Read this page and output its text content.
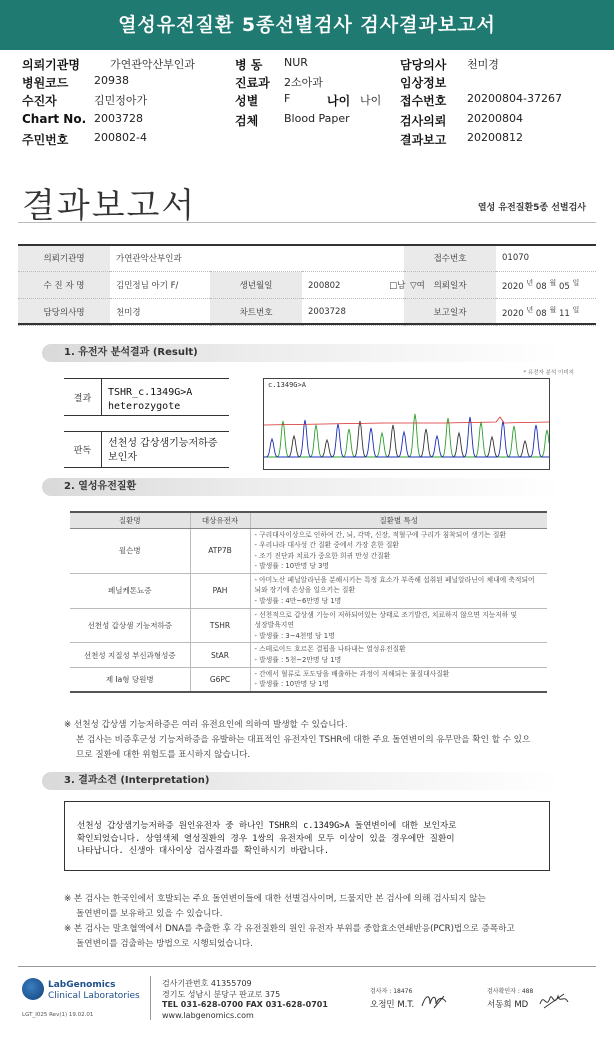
열성유전질환 5종선별검사 검사결과보고서
의뢰기관명	가연관악산부인과	병 동 NUR	담당의사 천미경
병원코드 20938	진료과 2소아과	임상정보
수진자	김민정아가	성별 F	나이 나이 접수번호 20200804-37267
Chart No. 2003728	검체 Blood Paper	검사의뢰 20200804
주민번호 200802-4	결과보고 20200812
결과보고서	열성 유전질환5종 선별검사
의뢰기관명	가연관악산부인과			접수번호	01070
수 진 자 명	김민정님 아기 F/	생년월일	200802 □남 ▽여	의뢰일자	2020 $^년$ 08 $^월$ 05 $^일$
담당의사명	천미경	차트번호	2003728	보고일자	2020 $^년$ 08 $^월$ 11 $^일$
1. 유전자 분석결과 (Result)
* 유전자 분석 이미지
결과
TSHR_c.1349G>A
heterozygote
판독
선천성 갑상샘기능저하증
보인자
c.1349G>A
2. 열성유전질환
질환명	대상유전자	질환별 특성
윌슨병	ATP7B	- 구리대사이상으로 인하여 간, 뇌, 각막, 신장, 적혈구에 구리가 침착되어 생기는 질환
- 우리나라 대사성 간 질환 중에서 가장 흔한 질환
- 조기 진단과 치료가 중요한 희귀 만성 간질환
- 발생률 : 10만명 당 3명

페닐케톤뇨증	PAH	- 아미노산 페닐알라닌을 분해시키는 특정 효소가 부족해 섭취된 페닐알라닌이 체내에 축적되어
뇌와 장기에 손상을 일으키는 질환
- 발생률 : 4만~6만명 당 1명

선천성 갑상샘 기능저하증	TSHR	- 선천적으로 갑상샘 기능이 저하되어있는 상태로 조기발견, 치료하지 않으면 지능저하 및
성장발육지연
- 발생률 : 3~4천명 당 1명

선천성 지질성 부신과형성증	StAR	- 스테로이드 호르몬 결핍을 나타내는 열성유전질환
- 발생률 : 5천~2만명 당 1명

제 Ia형 당원병	G6PC	- 간에서 혈류로 포도당을 배출하는 과정이 저해되는 물질대사질환
- 발생률 : 10만명 당 1명
※ 선천성 갑상샘 기능저하증은 여러 유전요인에 의하여 발생할 수 있습니다.
본 검사는 비증후군성 기능저하증을 유발하는 대표적인 유전자인 TSHR에 대한 주요 돌연변이의 유무만을 확인 할 수 있으
므로 질환에 대한 위험도를 표시하지 않습니다.
3. 결과소견 (Interpretation)
선천성 갑상샘기능저하증 원인유전자 중 하나인 TSHR의 c.1349G>A 돌연변이에 대한 보인자로
확인되었습니다. 상염색체 열성질환의 경우 1쌍의 유전자에 모두 이상이 있을 경우에만 질환이
나타납니다. 신생아 대사이상 검사결과를 확인하시기 바랍니다.
※ 본 검사는 한국인에서 호발되는 주요 돌연변이들에 대한 선별검사이며, 드물지만 본 검사에 의해 검사되지 않는
돌연변이를 보유하고 있을 수 있습니다.
※ 본 검사는 말초혈액에서 DNA를 추출한 후 각 유전질환의 원인 유전자 부위를 중합효소연쇄반응(PCR)법으로 증폭하고
돌연변이를 검출하는 방법으로 시행되었습니다.
LabGenomics
Clinical Laboratories
검사기관번호 41355709
경기도 성남시 분당구 판교로 375
TEL 031-628-0700 FAX 031-628-0701
www.labgenomics.com
검사자 : 18476
오정민 M.T.
검사확인자 : 488
서동희 MD
LGT_I025 Rev(1) 19.02.01
